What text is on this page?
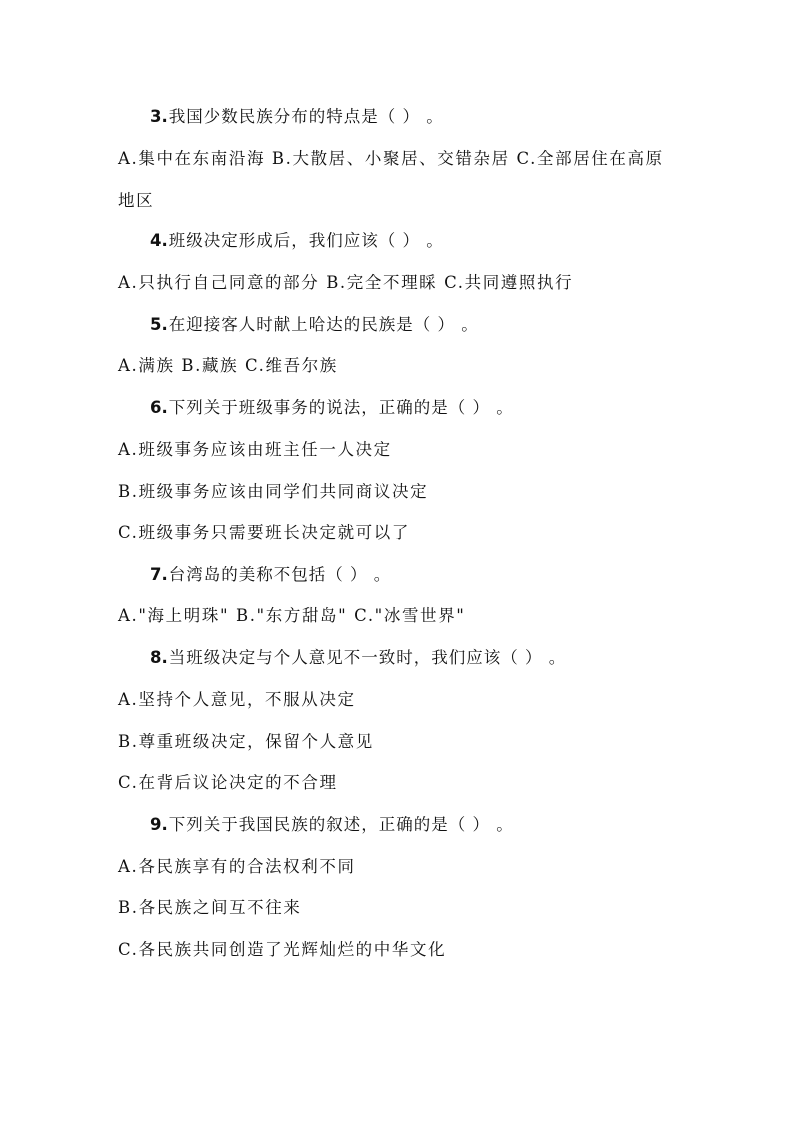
3.我国少数民族分布的特点是（ ） 。
A.集中在东南沿海 B.大散居、小聚居、交错杂居 C.全部居住在高原
地区
4.班级决定形成后，我们应该（ ） 。
A.只执行自己同意的部分 B.完全不理睬 C.共同遵照执行
5.在迎接客人时献上哈达的民族是（ ） 。
A.满族 B.藏族 C.维吾尔族
6.下列关于班级事务的说法，正确的是（ ） 。
A.班级事务应该由班主任一人决定
B.班级事务应该由同学们共同商议决定
C.班级事务只需要班长决定就可以了
7.台湾岛的美称不包括（ ） 。
A."海上明珠" B."东方甜岛" C."冰雪世界"
8.当班级决定与个人意见不一致时，我们应该（ ） 。
A.坚持个人意见，不服从决定
B.尊重班级决定，保留个人意见
C.在背后议论决定的不合理
9.下列关于我国民族的叙述，正确的是（ ） 。
A.各民族享有的合法权利不同
B.各民族之间互不往来
C.各民族共同创造了光辉灿烂的中华文化
